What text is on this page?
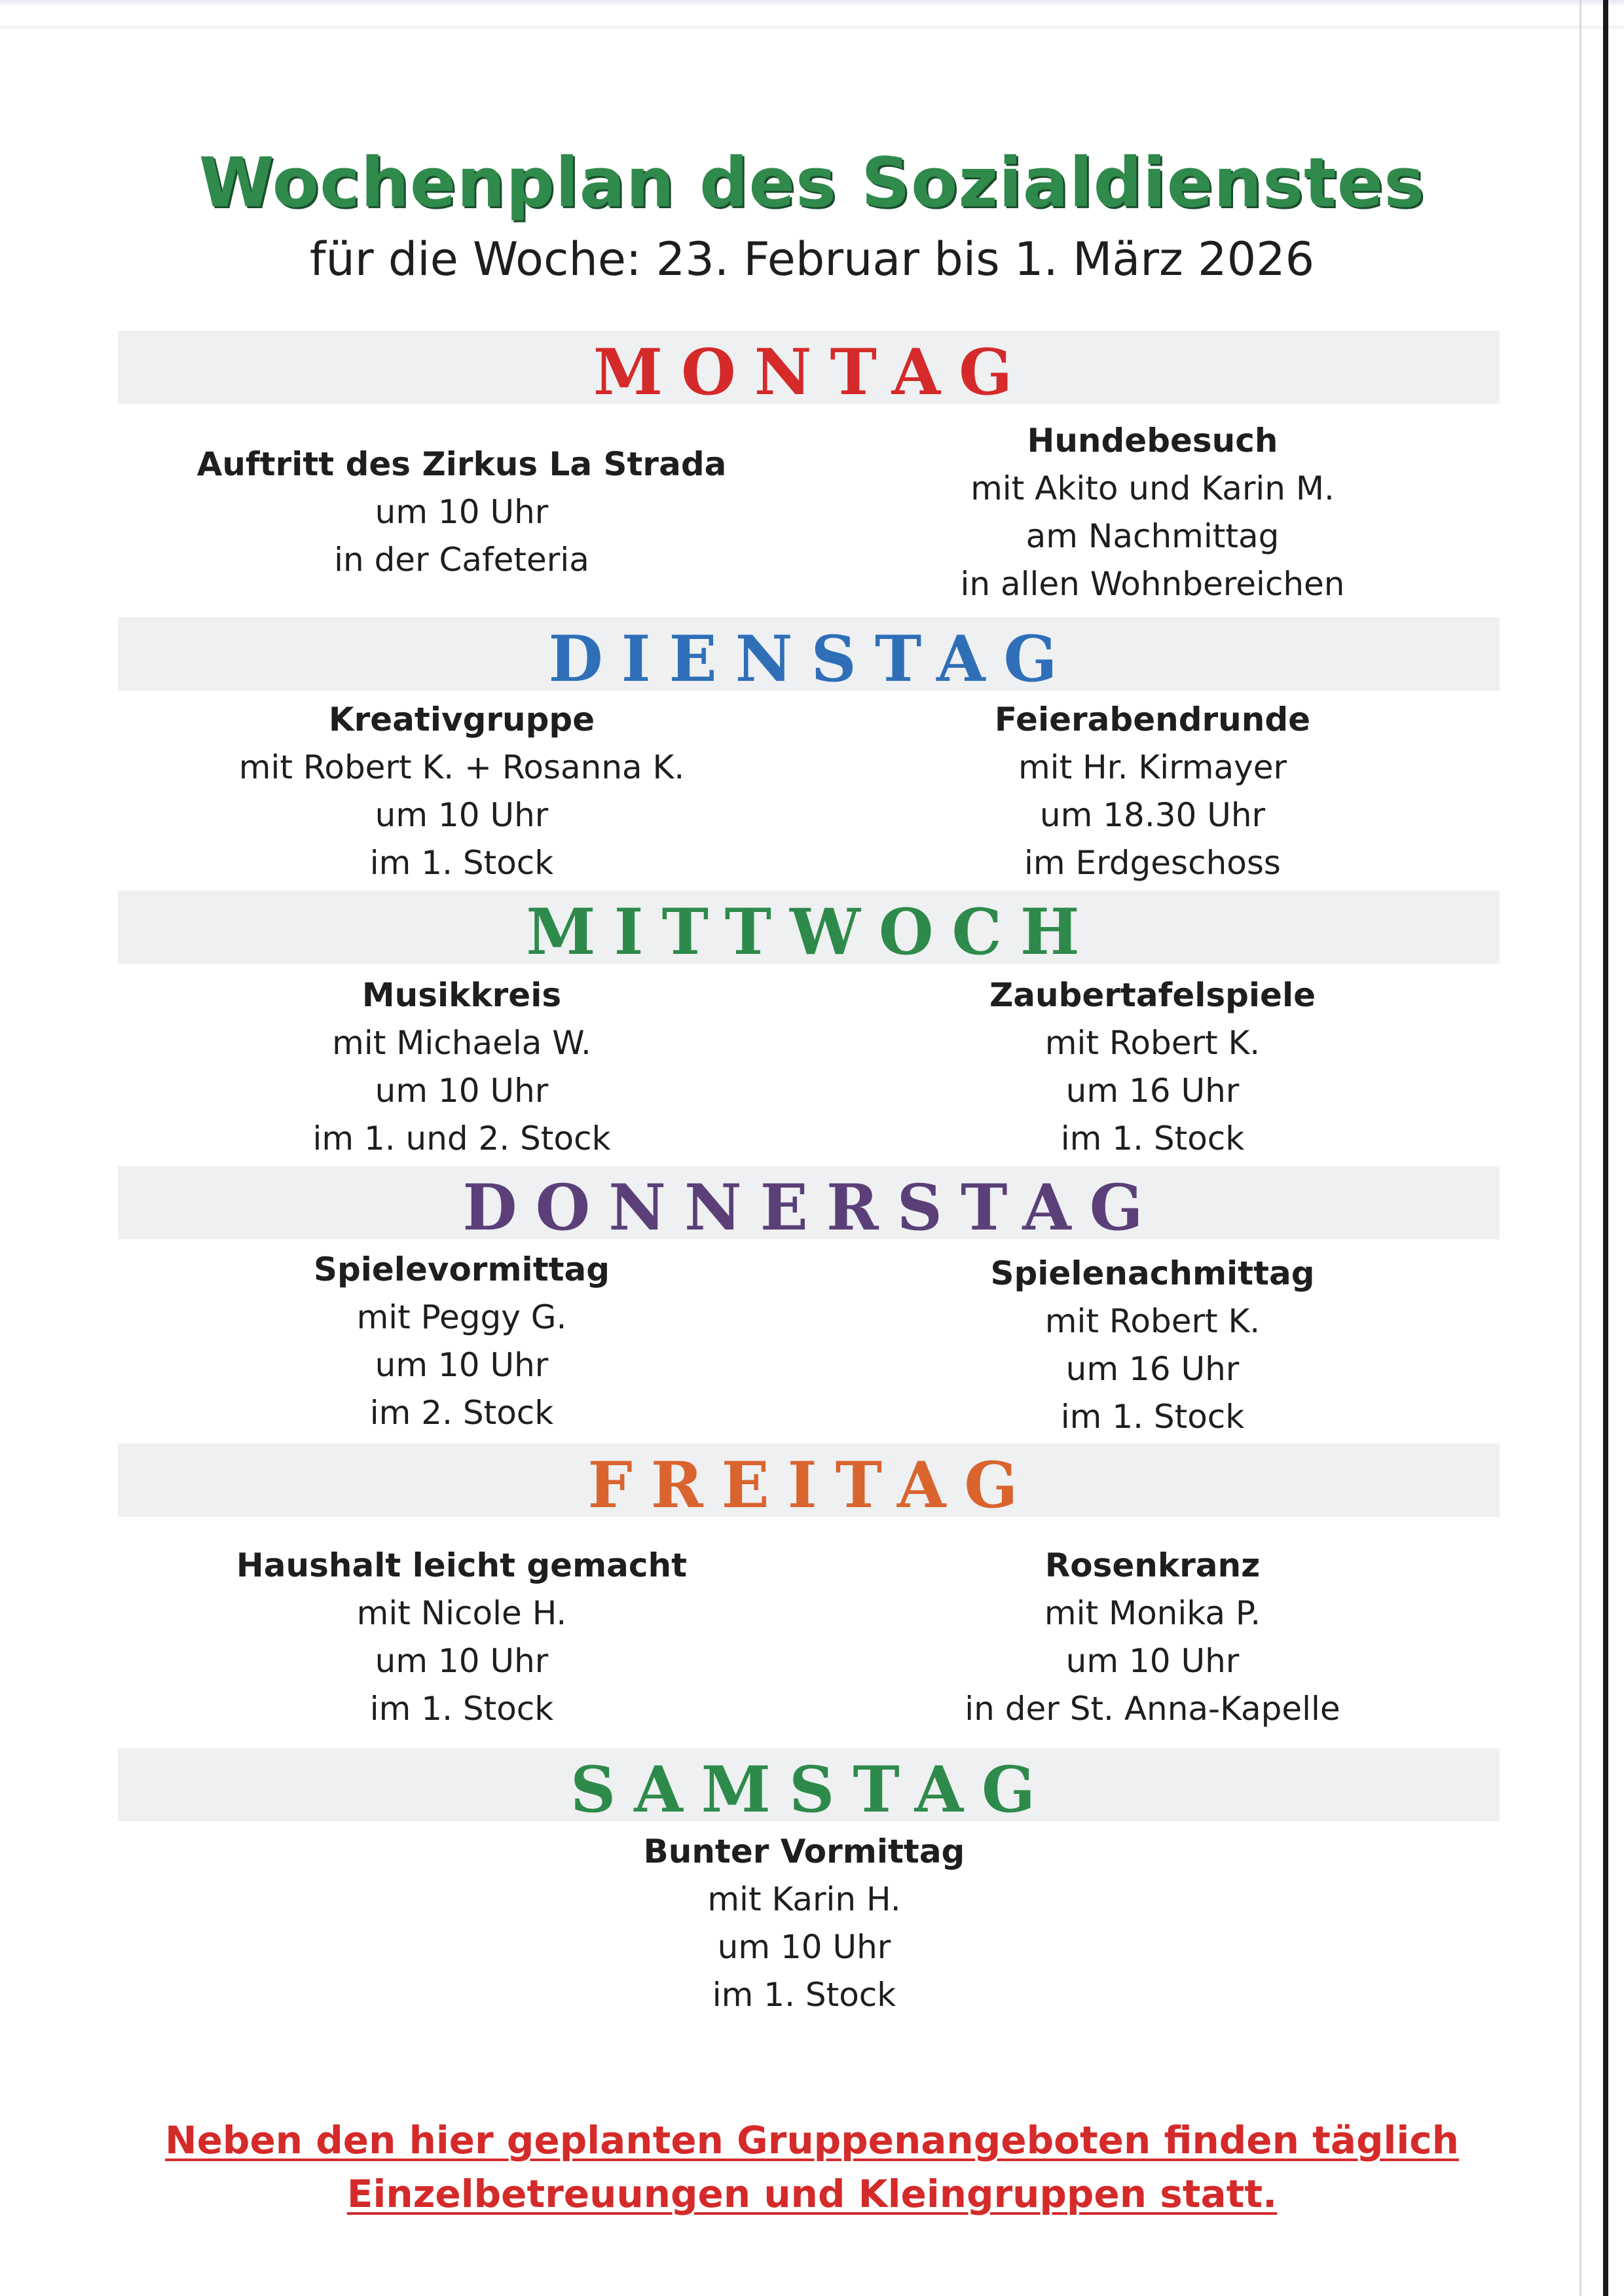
Wochenplan des Sozialdienstes
für die Woche: 23. Februar bis 1. März 2026
MONTAG
Auftritt des Zirkus La Strada
um 10 Uhr
in der Cafeteria
Hundebesuch
mit Akito und Karin M.
am Nachmittag
in allen Wohnbereichen
DIENSTAG
Kreativgruppe
mit Robert K. + Rosanna K.
um 10 Uhr
im 1. Stock
Feierabendrunde
mit Hr. Kirmayer
um 18.30 Uhr
im Erdgeschoss
MITTWOCH
Musikkreis
mit Michaela W.
um 10 Uhr
im 1. und 2. Stock
Zaubertafelspiele
mit Robert K.
um 16 Uhr
im 1. Stock
DONNERSTAG
Spielevormittag
mit Peggy G.
um 10 Uhr
im 2. Stock
Spielenachmittag
mit Robert K.
um 16 Uhr
im 1. Stock
FREITAG
Haushalt leicht gemacht
mit Nicole H.
um 10 Uhr
im 1. Stock
Rosenkranz
mit Monika P.
um 10 Uhr
in der St. Anna-Kapelle
SAMSTAG
Bunter Vormittag
mit Karin H.
um 10 Uhr
im 1. Stock
Neben den hier geplanten Gruppenangeboten finden täglich
Einzelbetreuungen und Kleingruppen statt.
